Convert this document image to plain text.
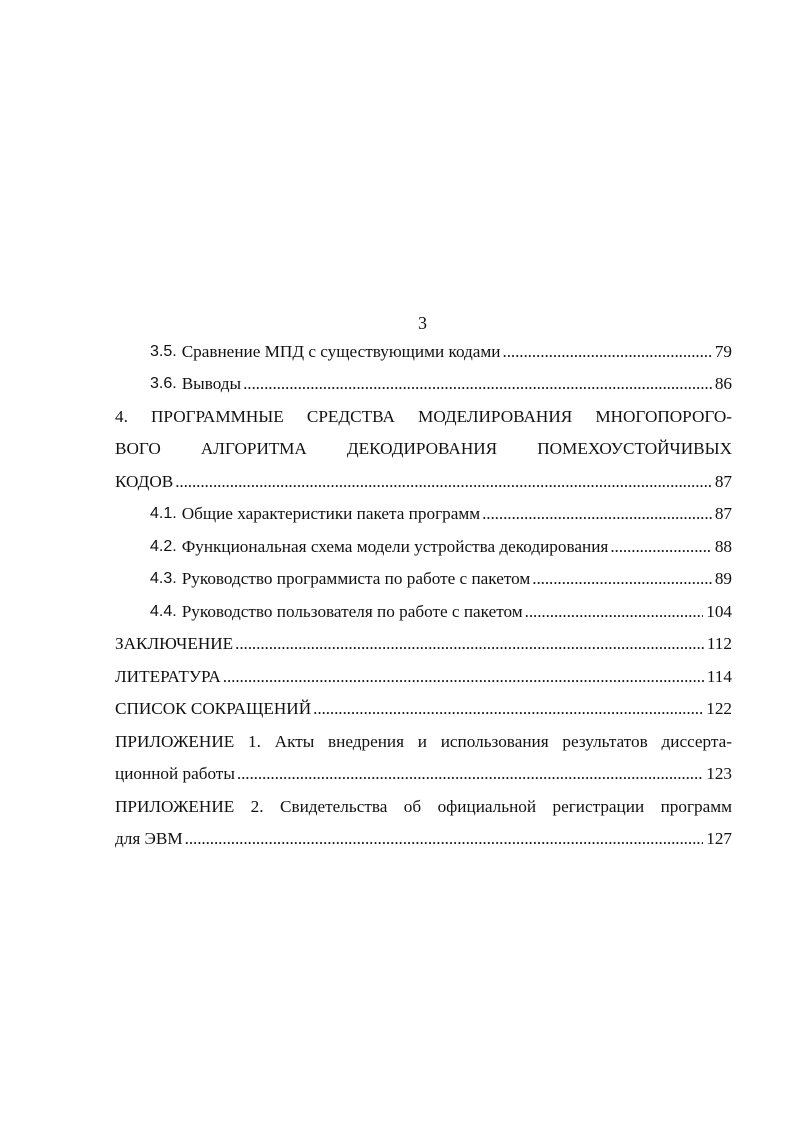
3
3.5. Сравнение МПД с существующими кодами . . .	79
3.6. Выводы . . .	86
4. ПРОГРАММНЫЕ СРЕДСТВА МОДЕЛИРОВАНИЯ МНОГОПОРОГО-
ВОГО АЛГОРИТМА ДЕКОДИРОВАНИЯ ПОМЕХОУСТОЙЧИВЫХ
КОДОВ . . .	87
4.1. Общие характеристики пакета программ . . .	87
4.2. Функциональная схема модели устройства декодирования . . .	88
4.3. Руководство программиста по работе с пакетом . . .	89
4.4. Руководство пользователя по работе с пакетом . . .	104
ЗАКЛЮЧЕНИЕ . . .	112
ЛИТЕРАТУРА . . .	114
СПИСОК СОКРАЩЕНИЙ . . .	122
ПРИЛОЖЕНИЕ 1. Акты внедрения и использования результатов диссерта-
ционной работы . . .	123
ПРИЛОЖЕНИЕ 2. Свидетельства об официальной регистрации программ
для ЭВМ . . .	127
